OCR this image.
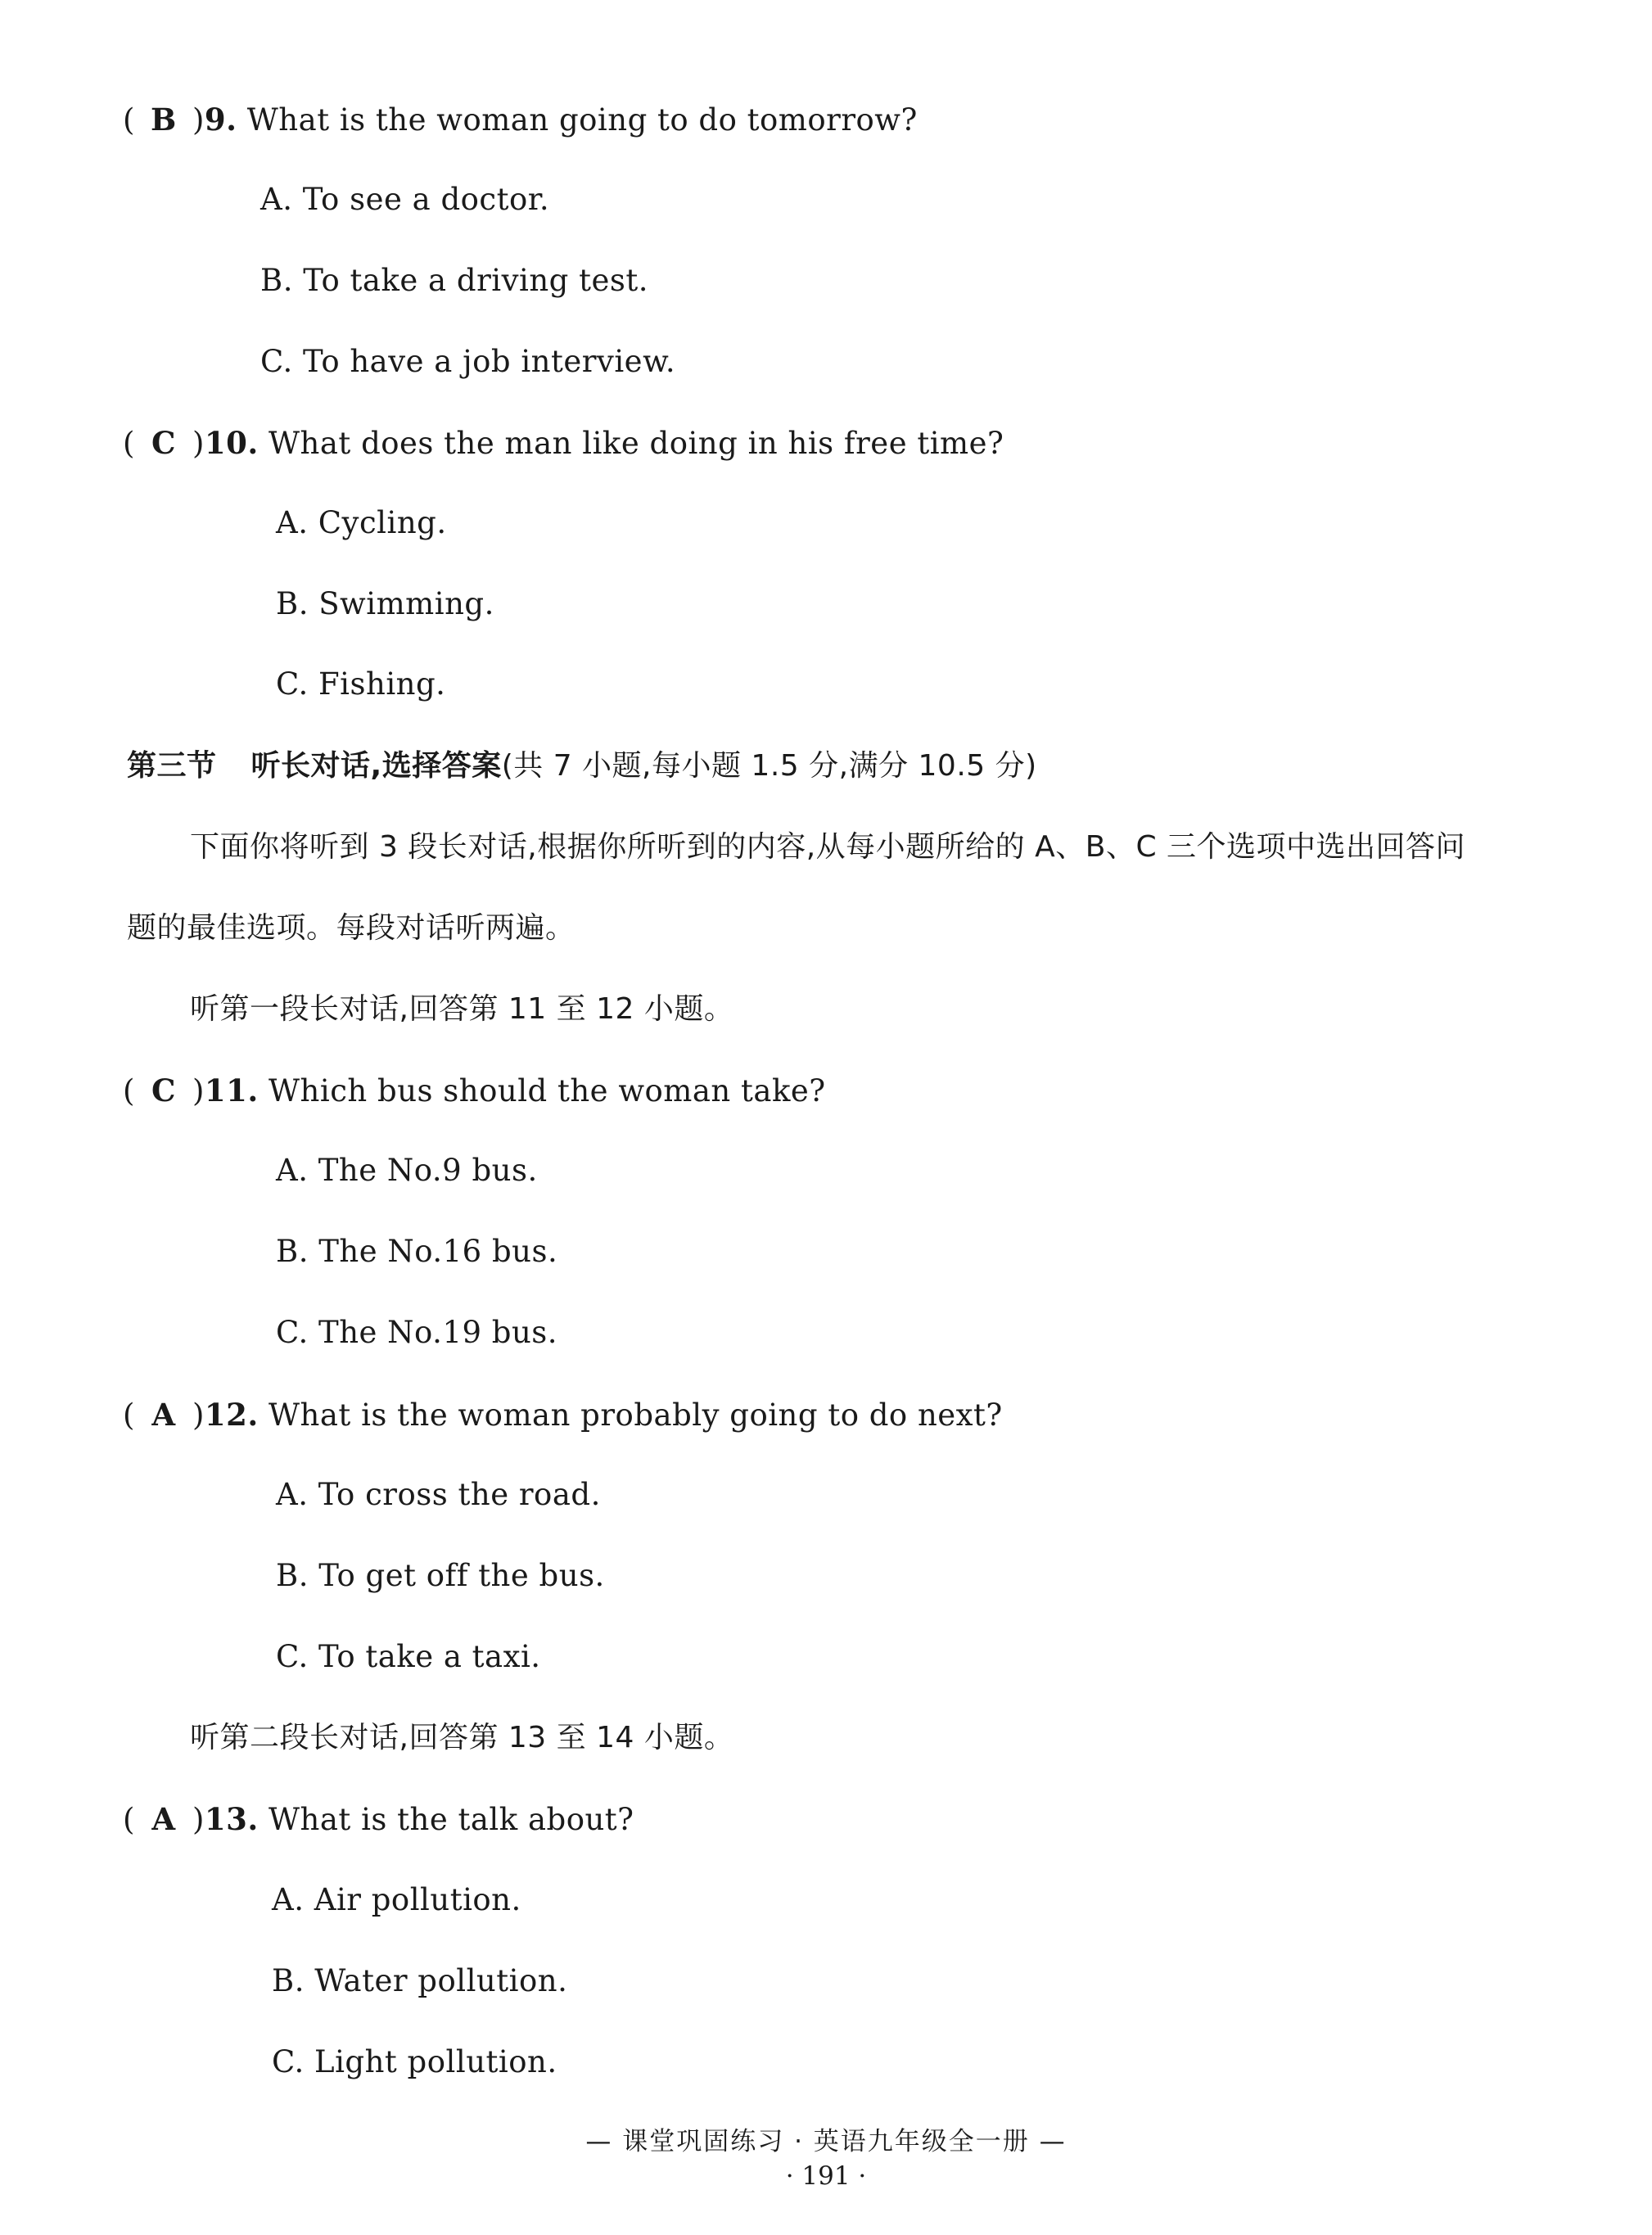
( B )9. What is the woman going to do tomorrow?
A. To see a doctor.
B. To take a driving test.
C. To have a job interview.
( C )10. What does the man like doing in his free time?
A. Cycling.
B. Swimming.
C. Fishing.
第三节 听长对话,选择答案(共 7 小题,每小题 1.5 分,满分 10.5 分)
下面你将听到 3 段长对话,根据你所听到的内容,从每小题所给的 A、B、C 三个选项中选出回答问
题的最佳选项。每段对话听两遍。
听第一段长对话,回答第 11 至 12 小题。
( C )11. Which bus should the woman take?
A. The No.9 bus.
B. The No.16 bus.
C. The No.19 bus.
( A )12. What is the woman probably going to do next?
A. To cross the road.
B. To get off the bus.
C. To take a taxi.
听第二段长对话,回答第 13 至 14 小题。
( A )13. What is the talk about?
A. Air pollution.
B. Water pollution.
C. Light pollution.
— 课堂巩固练习 · 英语九年级全一册 —
· 191 ·
